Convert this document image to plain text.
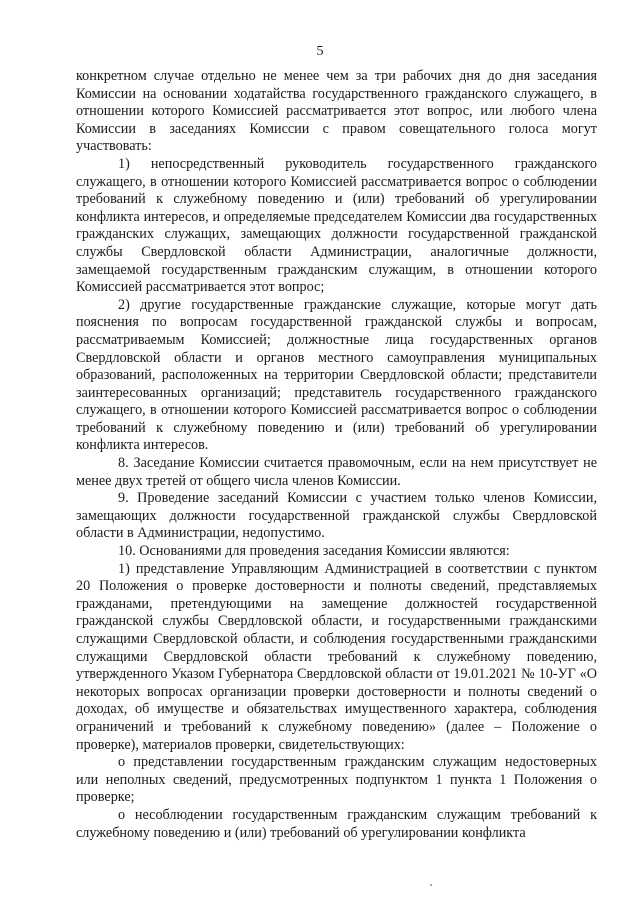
5

конкретном случае отдельно не менее чем за три рабочих дня до дня заседания Комиссии на основании ходатайства государственного гражданского служащего, в отношении которого Комиссией рассматривается этот вопрос, или любого члена Комиссии в заседаниях Комиссии с правом совещательного голоса могут участвовать:

1) непосредственный руководитель государственного гражданского служащего, в отношении которого Комиссией рассматривается вопрос о соблюдении требований к служебному поведению и (или) требований об урегулировании конфликта интересов, и определяемые председателем Комиссии два государственных гражданских служащих, замещающих должности государственной гражданской службы Свердловской области Администрации, аналогичные должности, замещаемой государственным гражданским служащим, в отношении которого Комиссией рассматривается этот вопрос;

2) другие государственные гражданские служащие, которые могут дать пояснения по вопросам государственной гражданской службы и вопросам, рассматриваемым Комиссией; должностные лица государственных органов Свердловской области и органов местного самоуправления муниципальных образований, расположенных на территории Свердловской области; представители заинтересованных организаций; представитель государственного гражданского служащего, в отношении которого Комиссией рассматривается вопрос о соблюдении требований к служебному поведению и (или) требований об урегулировании конфликта интересов.

8. Заседание Комиссии считается правомочным, если на нем присутствует не менее двух третей от общего числа членов Комиссии.

9. Проведение заседаний Комиссии с участием только членов Комиссии, замещающих должности государственной гражданской службы Свердловской области в Администрации, недопустимо.

10. Основаниями для проведения заседания Комиссии являются:

1) представление Управляющим Администрацией в соответствии с пунктом 20 Положения о проверке достоверности и полноты сведений, представляемых гражданами, претендующими на замещение должностей государственной гражданской службы Свердловской области, и государственными гражданскими служащими Свердловской области, и соблюдения государственными гражданскими служащими Свердловской области требований к служебному поведению, утвержденного Указом Губернатора Свердловской области от 19.01.2021 № 10-УГ «О некоторых вопросах организации проверки достоверности и полноты сведений о доходах, об имуществе и обязательствах имущественного характера, соблюдения ограничений и требований к служебному поведению» (далее – Положение о проверке), материалов проверки, свидетельствующих:

о представлении государственным гражданским служащим недостоверных или неполных сведений, предусмотренных подпунктом 1 пункта 1 Положения о проверке;

о несоблюдении государственным гражданским служащим требований к служебному поведению и (или) требований об урегулировании конфликта
